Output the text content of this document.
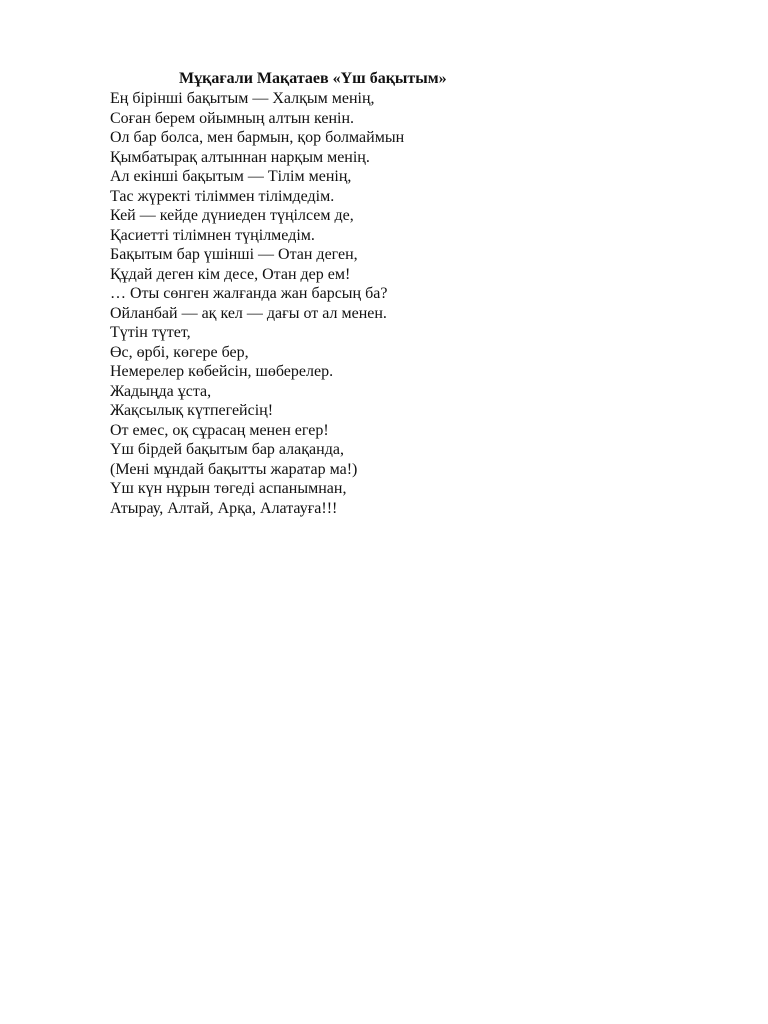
Мұқағали Мақатаев «Үш бақытым»
Ең бірінші бақытым — Халқым менің,
Соған берем ойымның алтын кенін.
Ол бар болса, мен бармын, қор болмаймын
Қымбатырақ алтыннан нарқым менің.
Ал екінші бақытым — Тілім менің,
Тас жүректі тіліммен тілімдедім.
Кей — кейде дүниеден түңілсем де,
Қасиетті тілімнен түңілмедім.
Бақытым бар үшінші — Отан деген,
Құдай деген кім десе, Отан дер ем!
… Оты сөнген жалғанда жан барсың ба?
Ойланбай — ақ кел — дағы от ал менен.
Түтін түтет,
Өс, өрбі, көгере бер,
Немерелер көбейсін, шөберелер.
Жадыңда ұста,
Жақсылық күтпегейсің!
От емес, оқ сұрасаң менен егер!
Үш бірдей бақытым бар алақанда,
(Мені мұндай бақытты жаратар ма!)
Үш күн нұрын төгеді аспанымнан,
Атырау, Алтай, Арқа, Алатауға!!!
